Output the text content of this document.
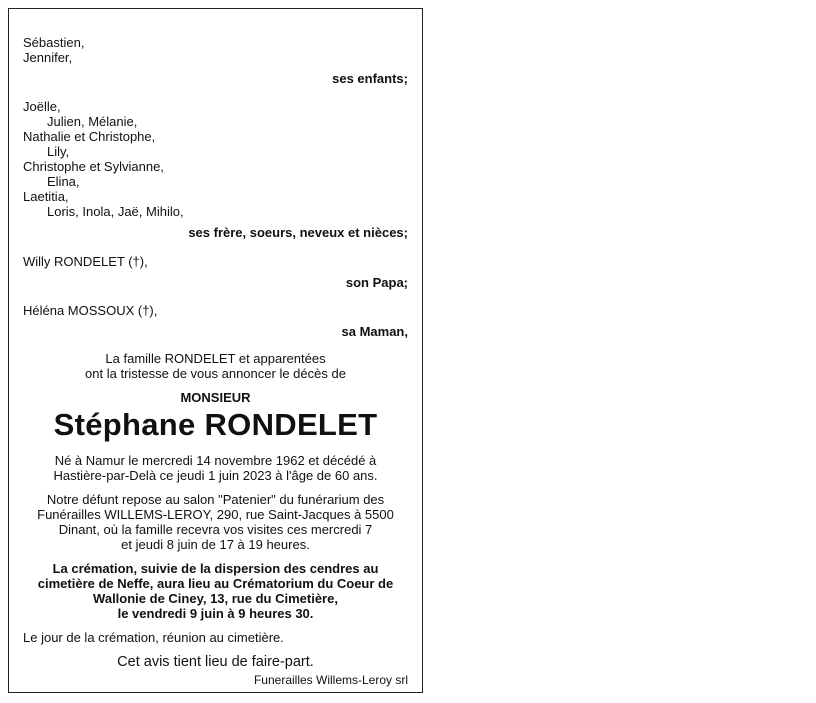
Sébastien,
Jennifer,
ses enfants;
Joëlle,
Julien, Mélanie,
Nathalie et Christophe,
Lily,
Christophe et Sylvianne,
Elina,
Laetitia,
Loris, Inola, Jaë, Mihilo,
ses frère, soeurs, neveux et nièces;
Willy RONDELET (†),
son Papa;
Héléna MOSSOUX (†),
sa Maman,
La famille RONDELET et apparentées
ont la tristesse de vous annoncer le décès de
MONSIEUR
Stéphane RONDELET
Né à Namur le mercredi 14 novembre 1962 et décédé à
Hastière-par-Delà ce jeudi 1 juin 2023 à l'âge de 60 ans.
Notre défunt repose au salon "Patenier" du funérarium des
Funérailles WILLEMS-LEROY, 290, rue Saint-Jacques à 5500
Dinant, où la famille recevra vos visites ces mercredi 7
et jeudi 8 juin de 17 à 19 heures.
La crémation, suivie de la dispersion des cendres au
cimetière de Neffe, aura lieu au Crématorium du Coeur de
Wallonie de Ciney, 13, rue du Cimetière,
le vendredi 9 juin à 9 heures 30.
Le jour de la crémation, réunion au cimetière.
Cet avis tient lieu de faire-part.
Funerailles Willems-Leroy srl
